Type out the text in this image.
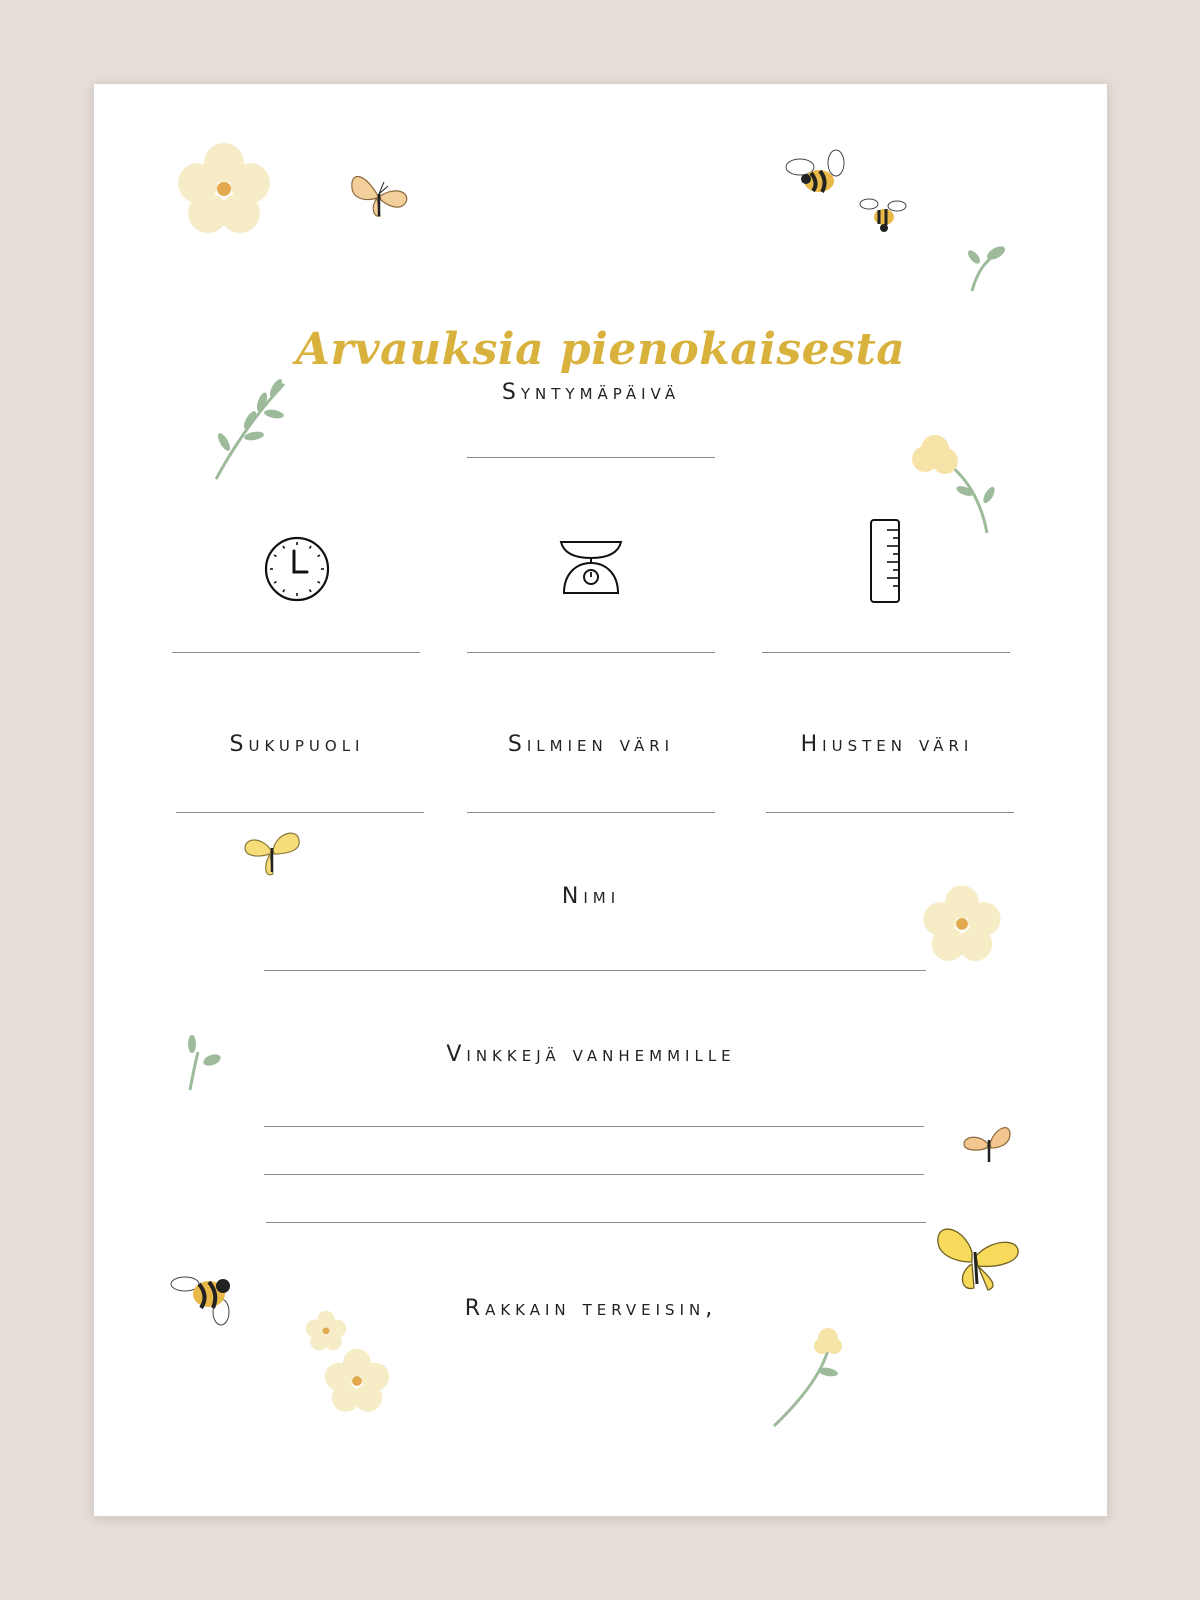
Arvauksia pienokaisesta
Syntymäpäivä
Sukupuoli	silmien väri	hiusten väri
Nimi
Vinkkejä vanhemmille
Rakkain terveisin,
